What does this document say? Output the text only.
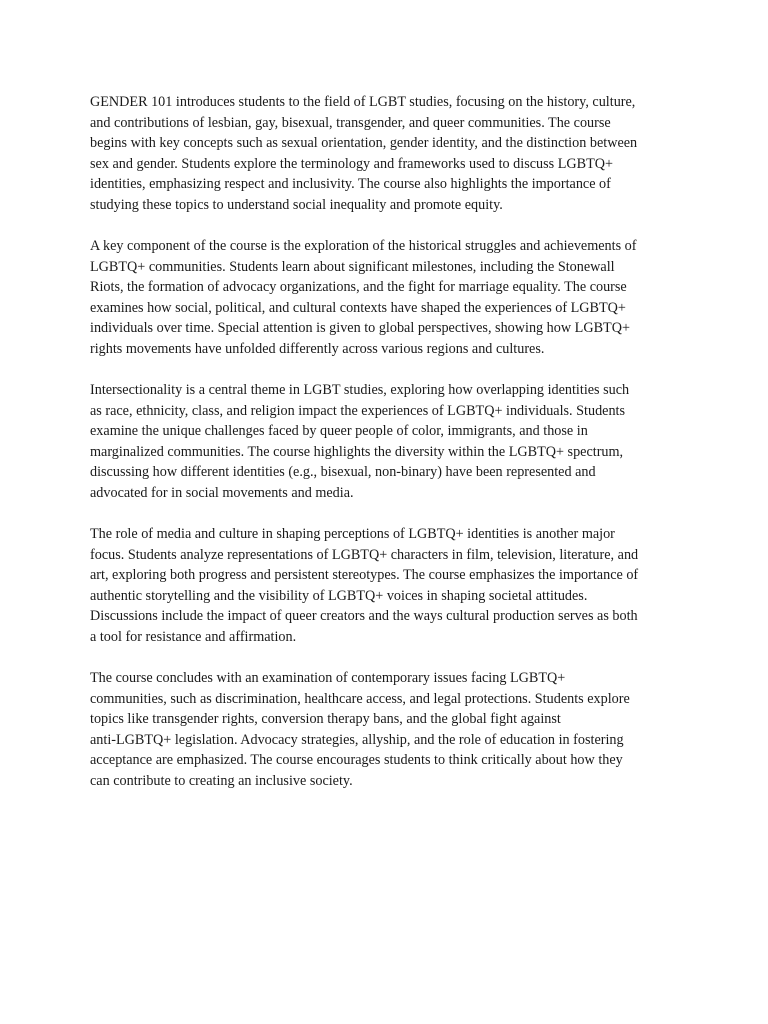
GENDER 101 introduces students to the field of LGBT studies, focusing on the history, culture,
and contributions of lesbian, gay, bisexual, transgender, and queer communities. The course
begins with key concepts such as sexual orientation, gender identity, and the distinction between
sex and gender. Students explore the terminology and frameworks used to discuss LGBTQ+
identities, emphasizing respect and inclusivity. The course also highlights the importance of
studying these topics to understand social inequality and promote equity.

A key component of the course is the exploration of the historical struggles and achievements of
LGBTQ+ communities. Students learn about significant milestones, including the Stonewall
Riots, the formation of advocacy organizations, and the fight for marriage equality. The course
examines how social, political, and cultural contexts have shaped the experiences of LGBTQ+
individuals over time. Special attention is given to global perspectives, showing how LGBTQ+
rights movements have unfolded differently across various regions and cultures.

Intersectionality is a central theme in LGBT studies, exploring how overlapping identities such
as race, ethnicity, class, and religion impact the experiences of LGBTQ+ individuals. Students
examine the unique challenges faced by queer people of color, immigrants, and those in
marginalized communities. The course highlights the diversity within the LGBTQ+ spectrum,
discussing how different identities (e.g., bisexual, non-binary) have been represented and
advocated for in social movements and media.

The role of media and culture in shaping perceptions of LGBTQ+ identities is another major
focus. Students analyze representations of LGBTQ+ characters in film, television, literature, and
art, exploring both progress and persistent stereotypes. The course emphasizes the importance of
authentic storytelling and the visibility of LGBTQ+ voices in shaping societal attitudes.
Discussions include the impact of queer creators and the ways cultural production serves as both
a tool for resistance and affirmation.

The course concludes with an examination of contemporary issues facing LGBTQ+
communities, such as discrimination, healthcare access, and legal protections. Students explore
topics like transgender rights, conversion therapy bans, and the global fight against
anti-LGBTQ+ legislation. Advocacy strategies, allyship, and the role of education in fostering
acceptance are emphasized. The course encourages students to think critically about how they
can contribute to creating an inclusive society.
